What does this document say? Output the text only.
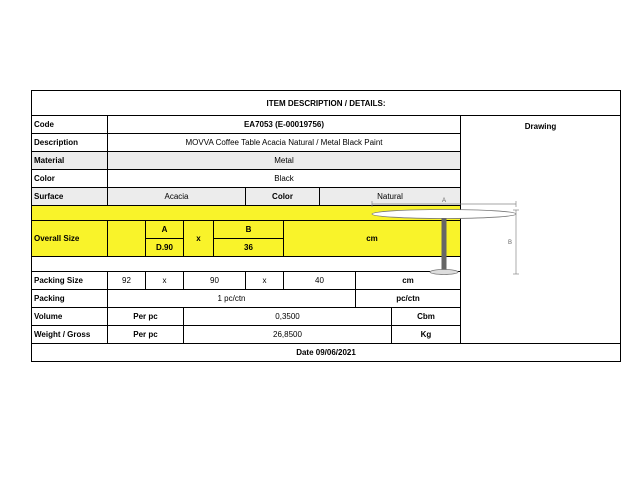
ITEM DESCRIPTION / DETAILS:										
Code	EA7053 (E-00019756)									Drawing
Description	MOVVA Coffee Table Acacia Natural / Metal Black Paint									
Material	Metal									
Color	Black									
Surface	Acacia				Color		Natural			

Overall Size		A	x	B		cm				
		D.90		36						

Packing Size	92	x	90		x	40		cm		
Packing	1 pc/ctn							pc/ctn		
Volume	Per pc		0,3500						Cbm	
Weight / Gross	Per pc		26,8500						Kg	
Date 09/06/2021										
A
B
